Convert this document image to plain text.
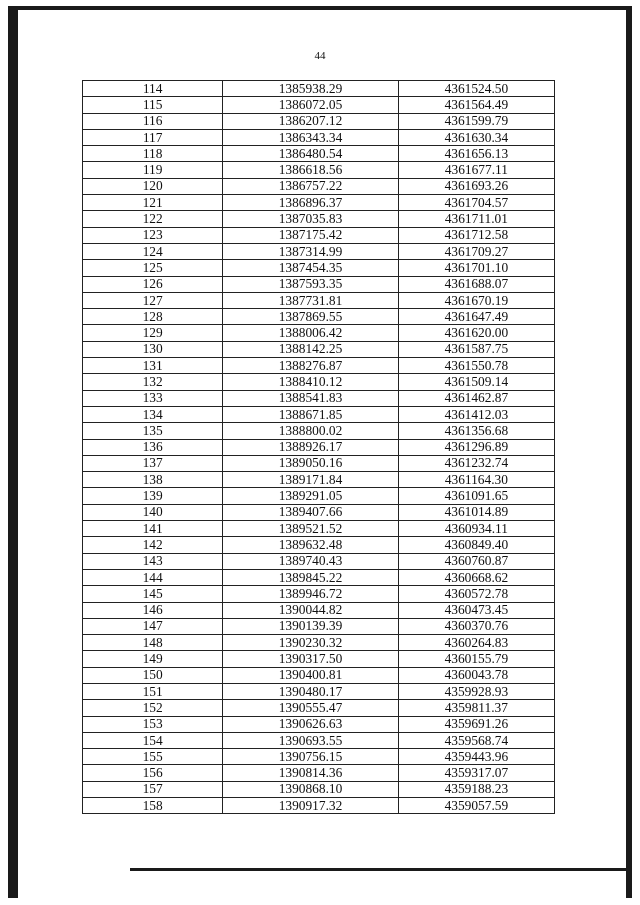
44
114	1385938.29	4361524.50
115	1386072.05	4361564.49
116	1386207.12	4361599.79
117	1386343.34	4361630.34
118	1386480.54	4361656.13
119	1386618.56	4361677.11
120	1386757.22	4361693.26
121	1386896.37	4361704.57
122	1387035.83	4361711.01
123	1387175.42	4361712.58
124	1387314.99	4361709.27
125	1387454.35	4361701.10
126	1387593.35	4361688.07
127	1387731.81	4361670.19
128	1387869.55	4361647.49
129	1388006.42	4361620.00
130	1388142.25	4361587.75
131	1388276.87	4361550.78
132	1388410.12	4361509.14
133	1388541.83	4361462.87
134	1388671.85	4361412.03
135	1388800.02	4361356.68
136	1388926.17	4361296.89
137	1389050.16	4361232.74
138	1389171.84	4361164.30
139	1389291.05	4361091.65
140	1389407.66	4361014.89
141	1389521.52	4360934.11
142	1389632.48	4360849.40
143	1389740.43	4360760.87
144	1389845.22	4360668.62
145	1389946.72	4360572.78
146	1390044.82	4360473.45
147	1390139.39	4360370.76
148	1390230.32	4360264.83
149	1390317.50	4360155.79
150	1390400.81	4360043.78
151	1390480.17	4359928.93
152	1390555.47	4359811.37
153	1390626.63	4359691.26
154	1390693.55	4359568.74
155	1390756.15	4359443.96
156	1390814.36	4359317.07
157	1390868.10	4359188.23
158	1390917.32	4359057.59
